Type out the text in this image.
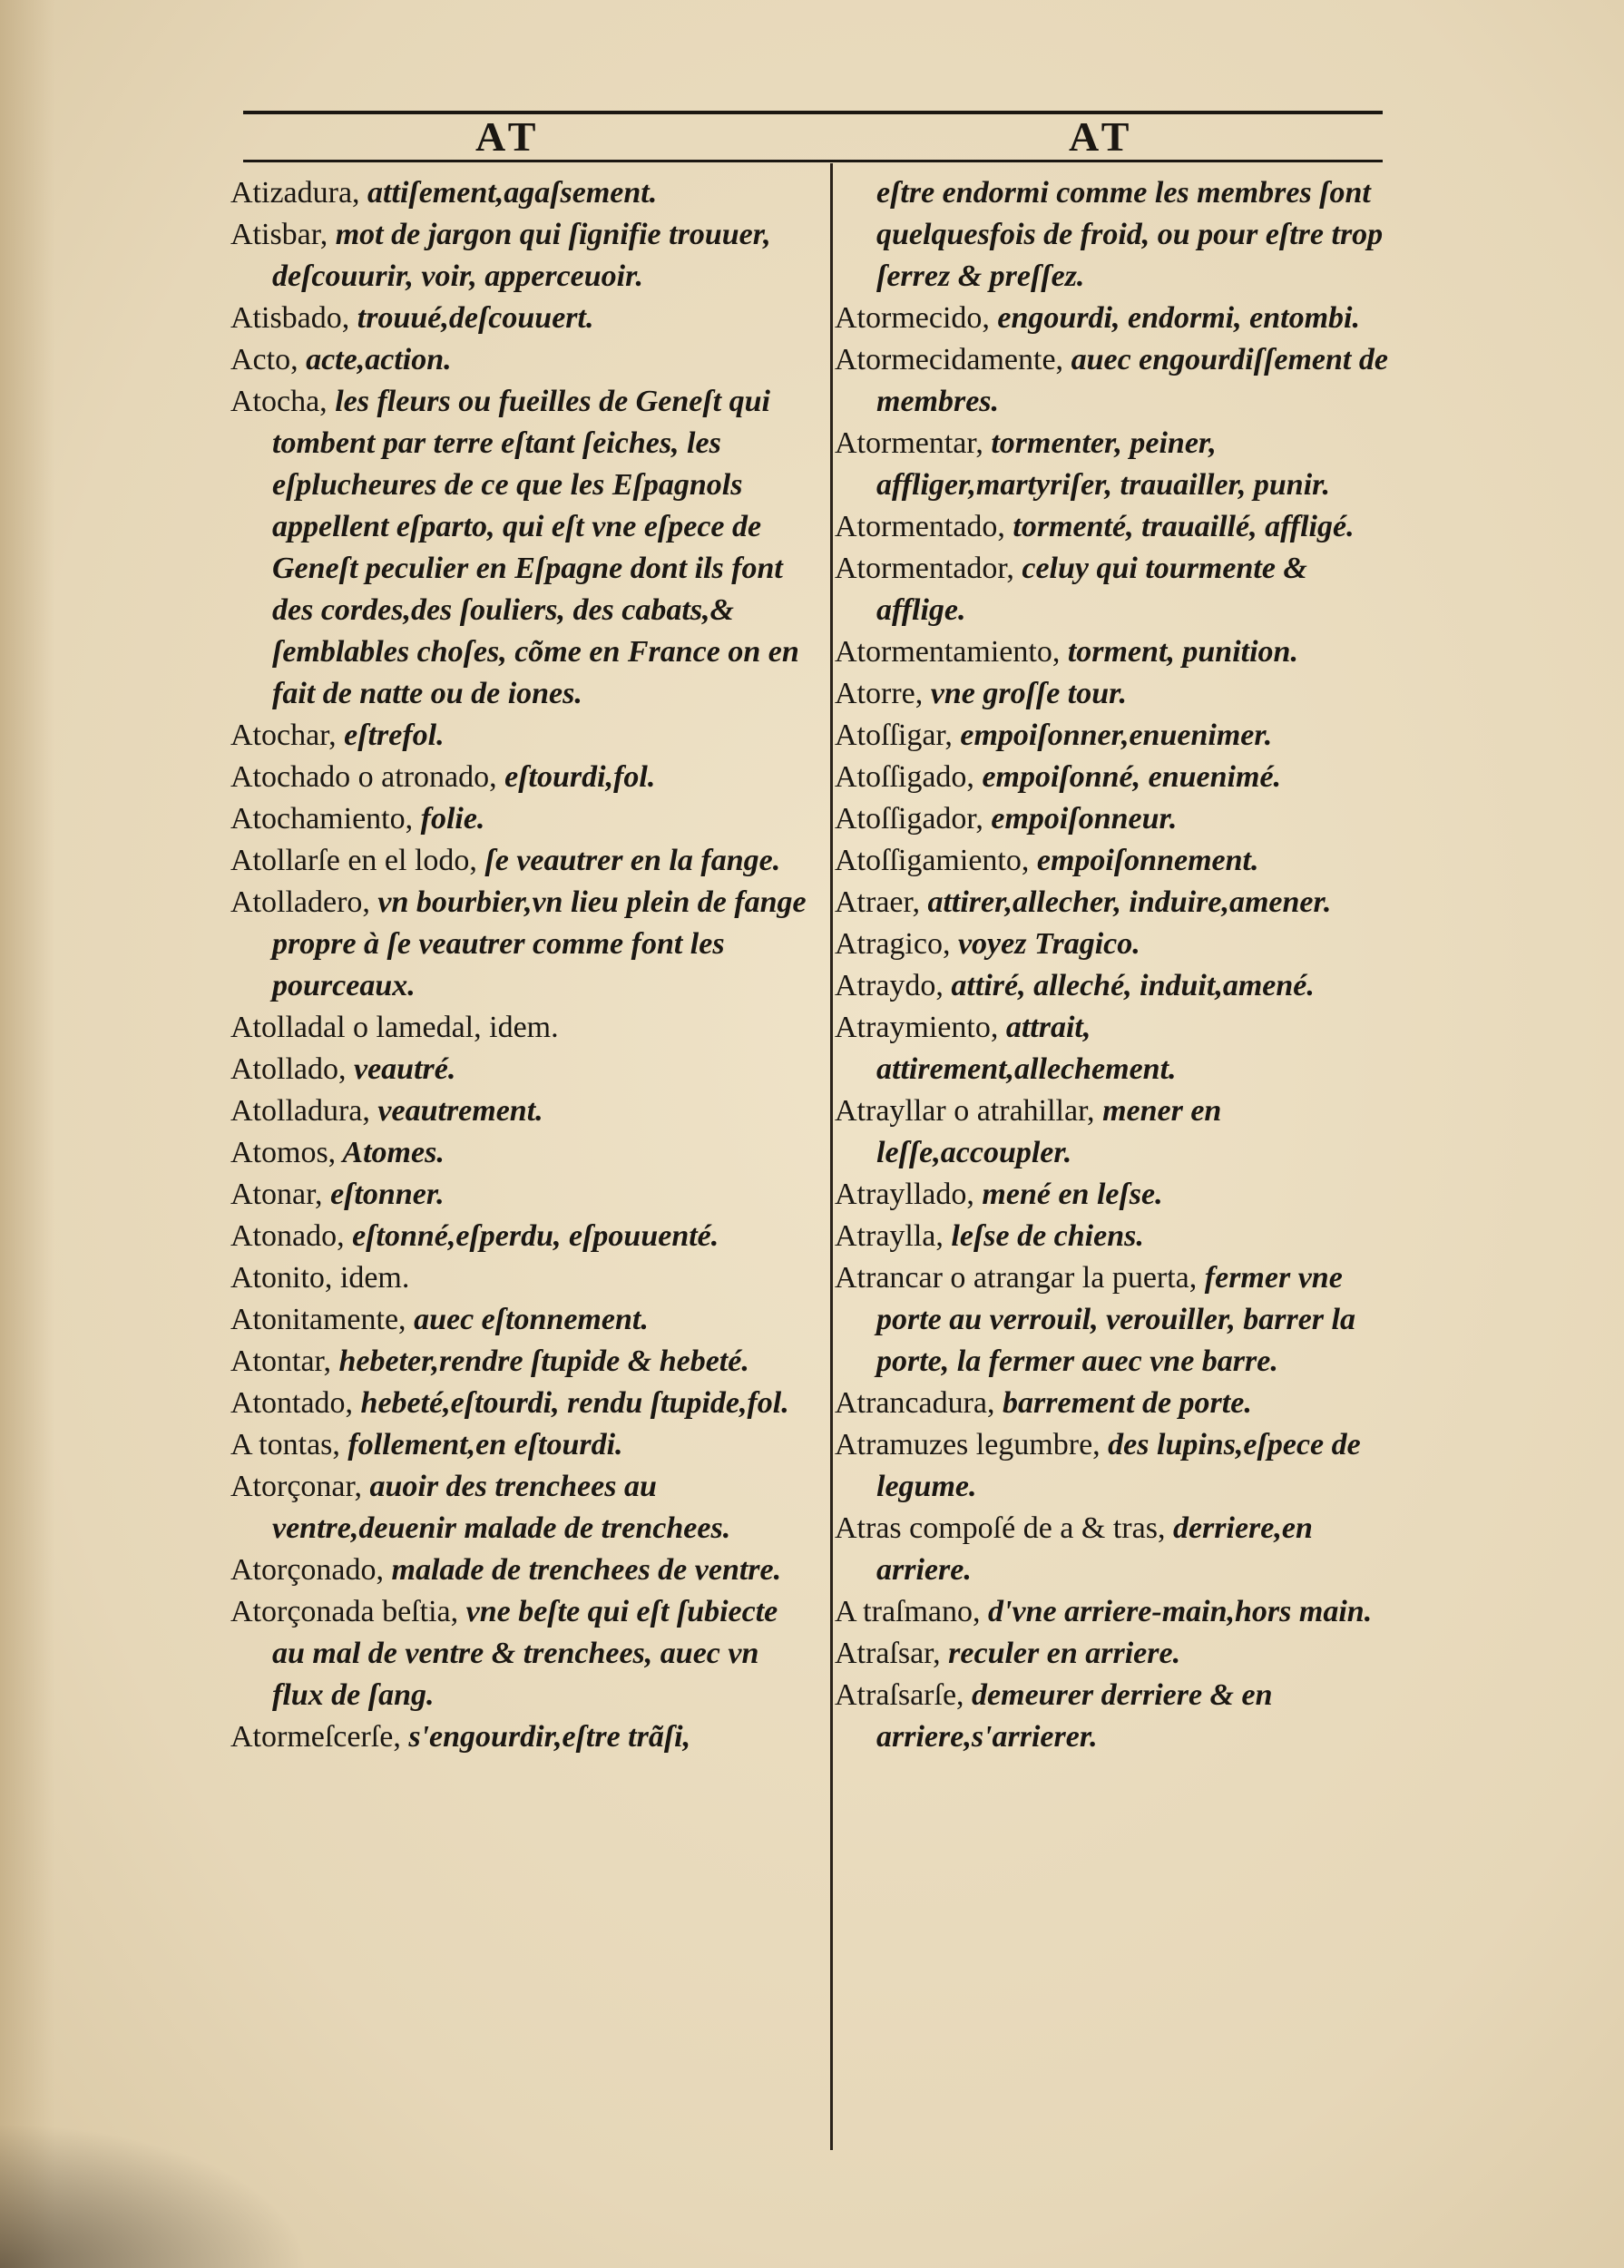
AT	AT

Atizadura, attiſement,agaſsement.

Atisbar, mot de jargon qui ſignifie trouuer, deſcouurir, voir, apperceuoir.

Atisbado, trouué,deſcouuert.

Acto, acte,action.

Atocha, les fleurs ou fueilles de Geneſt qui tombent par terre eſtant ſeiches, les eſplucheures de ce que les Eſpagnols appellent eſparto, qui eſt vne eſpece de Geneſt peculier en Eſpagne dont ils font des cordes,des ſouliers, des cabats,& ſemblables choſes, cõme en France on en fait de natte ou de iones.

Atochar, eſtrefol.

Atochado o atronado, eſtourdi,fol.

Atochamiento, folie.

Atollarſe en el lodo, ſe veautrer en la fange.

Atolladero, vn bourbier,vn lieu plein de fange propre à ſe veautrer comme font les pourceaux.

Atolladal o lamedal, idem.

Atollado, veautré.

Atolladura, veautrement.

Atomos, Atomes.

Atonar, eſtonner.

Atonado, eſtonné,eſperdu, eſpouuenté.

Atonito, idem.

Atonitamente, auec eſtonnement.

Atontar, hebeter,rendre ſtupide & hebeté.

Atontado, hebeté,eſtourdi, rendu ſtupide,fol.

A tontas, follement,en eſtourdi.

Atorçonar, auoir des trenchees au ventre,deuenir malade de trenchees.

Atorçonado, malade de trenchees de ventre.

Atorçonada beſtia, vne beſte qui eſt ſubiecte au mal de ventre & trenchees, auec vn flux de ſang.

Atormeſcerſe, s'engourdir,eſtre trãſi,

eſtre endormi comme les membres ſont quelquesfois de froid, ou pour eſtre trop ſerrez & preſſez.

Atormecido, engourdi, endormi, entombi.

Atormecidamente, auec engourdiſſement de membres.

Atormentar, tormenter, peiner, affliger,martyriſer, trauailler, punir.

Atormentado, tormenté, trauaillé, affligé.

Atormentador, celuy qui tourmente & afflige.

Atormentamiento, torment, punition.

Atorre, vne groſſe tour.

Atoſſigar, empoiſonner,enuenimer.

Atoſſigado, empoiſonné, enuenimé.

Atoſſigador, empoiſonneur.

Atoſſigamiento, empoiſonnement.

Atraer, attirer,allecher, induire,amener.

Atragico, voyez Tragico.

Atraydo, attiré, alleché, induit,amené.

Atraymiento, attrait, attirement,allechement.

Atrayllar o atrahillar, mener en leſſe,accoupler.

Atrayllado, mené en leſse.

Atraylla, leſse de chiens.

Atrancar o atrangar la puerta, fermer vne porte au verrouil, verouiller, barrer la porte, la fermer auec vne barre.

Atrancadura, barrement de porte.

Atramuzes legumbre, des lupins,eſpece de legume.

Atras compoſé de a & tras, derriere,en arriere.

A traſmano, d'vne arriere-main,hors main.

Atraſsar, reculer en arriere.

Atraſsarſe, demeurer derriere & en arriere,s'arrierer.
